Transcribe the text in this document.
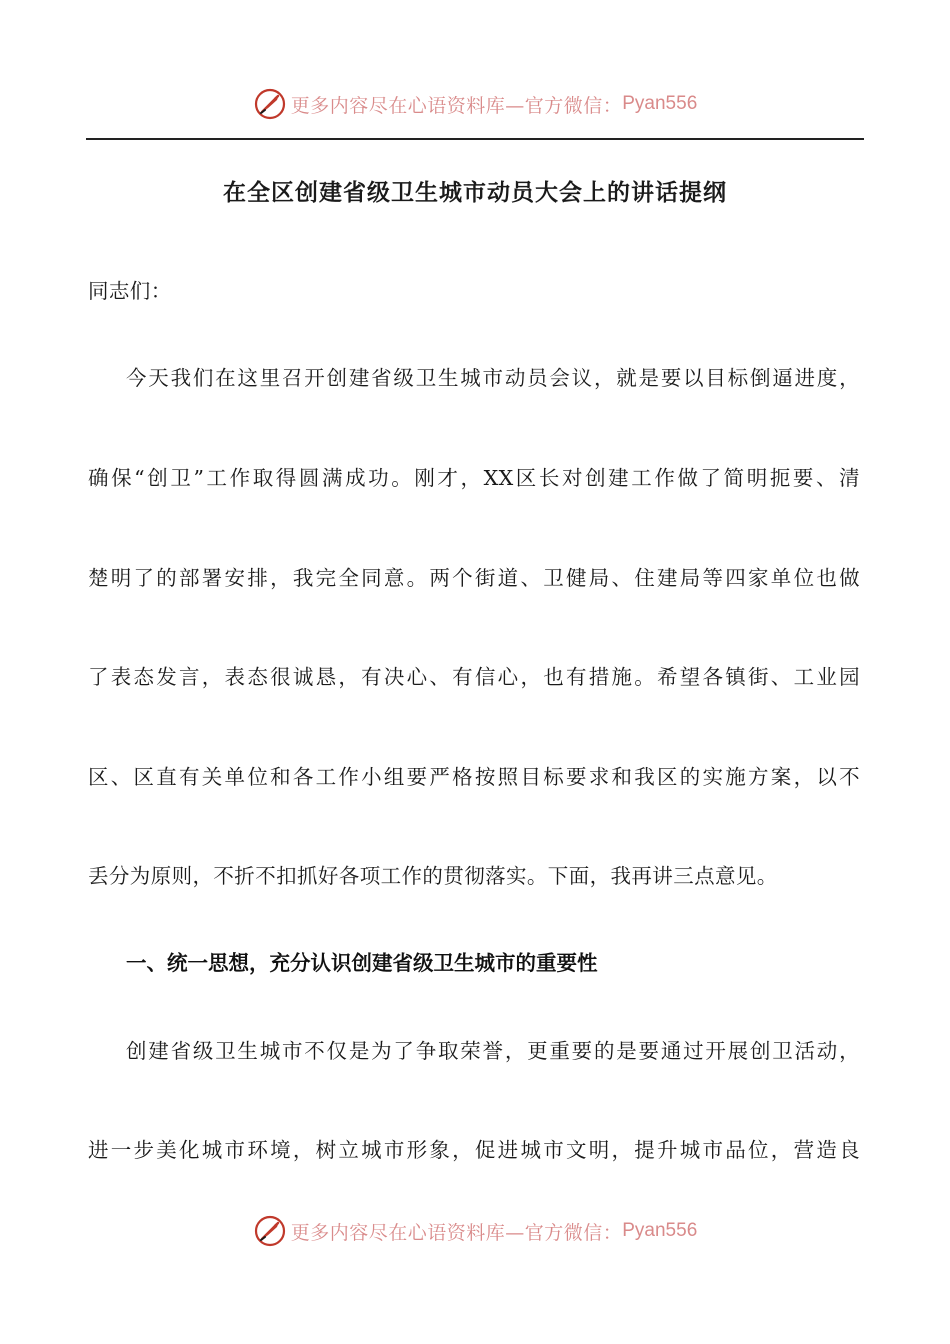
更多内容尽在心语资料库—官方微信： Pyan556
在全区创建省级卫生城市动员大会上的讲话提纲
同志们：
今天我们在这里召开创建省级卫生城市动员会议，就是要以目标倒逼进度，
确保“创卫”工作取得圆满成功。刚才，XX区长对创建工作做了简明扼要、清
楚明了的部署安排，我完全同意。两个街道、卫健局、住建局等四家单位也做
了表态发言，表态很诚恳，有决心、有信心，也有措施。希望各镇街、工业园
区、区直有关单位和各工作小组要严格按照目标要求和我区的实施方案，以不
丢分为原则，不折不扣抓好各项工作的贯彻落实。下面，我再讲三点意见。
一、统一思想，充分认识创建省级卫生城市的重要性
创建省级卫生城市不仅是为了争取荣誉，更重要的是要通过开展创卫活动，
进一步美化城市环境，树立城市形象，促进城市文明，提升城市品位，营造良
更多内容尽在心语资料库—官方微信： Pyan556
